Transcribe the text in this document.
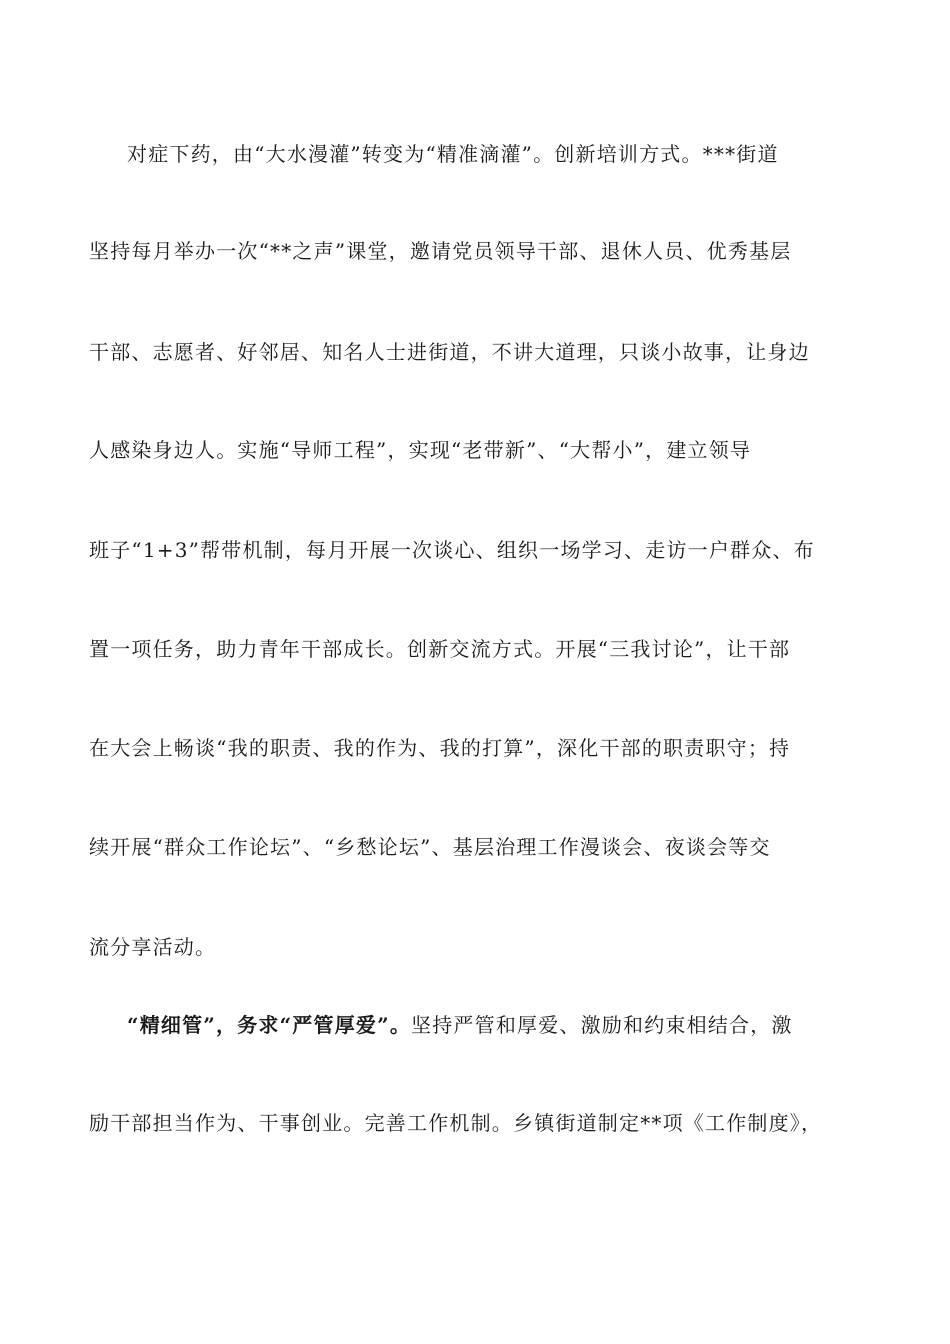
对症下药，由“大水漫灌”转变为“精准滴灌”。创新培训方式。***街道
坚持每月举办一次“**之声”课堂，邀请党员领导干部、退休人员、优秀基层
干部、志愿者、好邻居、知名人士进街道，不讲大道理，只谈小故事，让身边
人感染身边人。实施“导师工程”，实现“老带新”、“大帮小”，建立领导
班子“1+3”帮带机制，每月开展一次谈心、组织一场学习、走访一户群众、布
置一项任务，助力青年干部成长。创新交流方式。开展“三我讨论”，让干部
在大会上畅谈“我的职责、我的作为、我的打算”，深化干部的职责职守；持
续开展“群众工作论坛”、“乡愁论坛”、基层治理工作漫谈会、夜谈会等交
流分享活动。
“精细管”，务求“严管厚爱”。坚持严管和厚爱、激励和约束相结合，激
励干部担当作为、干事创业。完善工作机制。乡镇街道制定**项《工作制度》，
